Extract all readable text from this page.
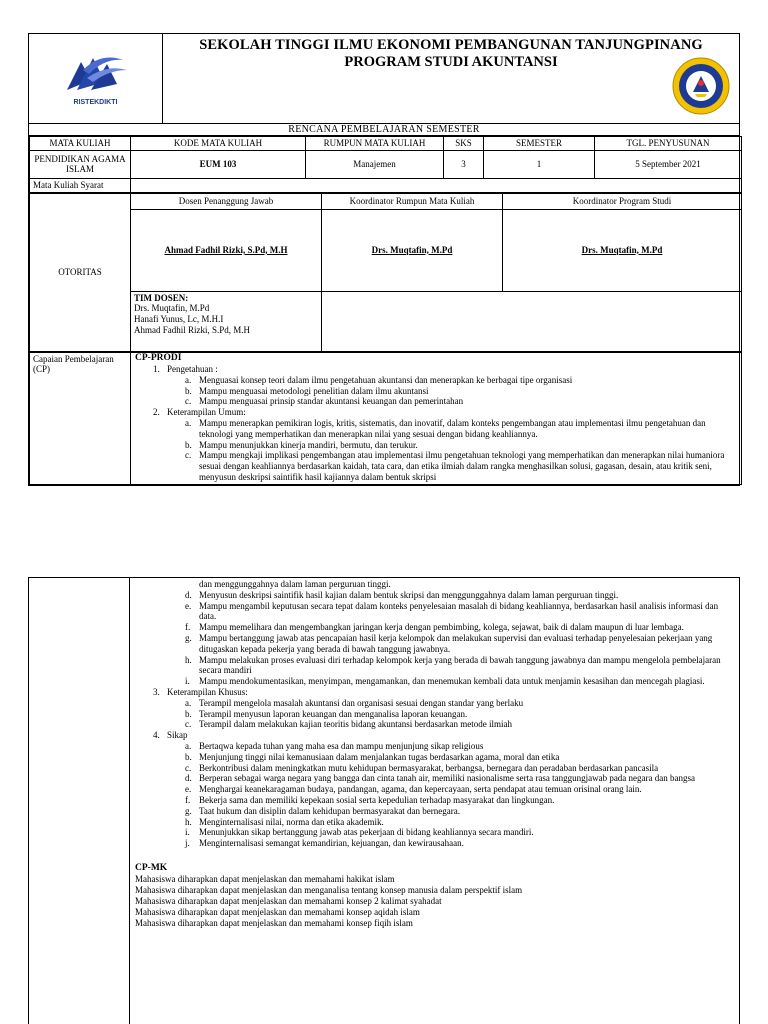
RISTEKDIKTI
SEKOLAH TINGGI ILMU EKONOMI PEMBANGUNAN TANJUNGPINANG
PROGRAM STUDI AKUNTANSI
RENCANA PEMBELAJARAN SEMESTER
MATA KULIAH	KODE MATA KULIAH	RUMPUN MATA KULIAH	SKS	SEMESTER	TGL. PENYUSUNAN
PENDIDIKAN AGAMA ISLAM	EUM 103	Manajemen	3	1	5 September 2021
Mata Kuliah Syarat					
OTORITAS	Dosen Penanggung Jawab	Koordinator Rumpun Mata Kuliah	Koordinator Program Studi
	Ahmad Fadhil Rizki, S.Pd, M.H	Drs. Muqtafin, M.Pd	Drs. Muqtafin, M.Pd

	TIM DOSEN:
Drs. Muqtafin, M.Pd
Hanafi Yunus, Lc, M.H.I
Ahmad Fadhil Rizki, S.Pd, M.H		

Capaian Pembelajaran (CP)	
CP-PRODI
1. Pengetahuan :
a. Menguasai konsep teori dalam ilmu pengetahuan akuntansi dan menerapkan ke berbagai tipe organisasi
b. Mampu menguasai metodologi penelitian dalam ilmu akuntansi
c. Mampu menguasai prinsip standar akuntansi keuangan dan pemerintahan
2. Keterampilan Umum:
a. Mampu menerapkan pemikiran logis, kritis, sistematis, dan inovatif, dalam konteks pengembangan atau implementasi ilmu pengetahuan dan teknologi yang memperhatikan dan menerapkan nilai yang sesuai dengan bidang keahliannya.
b. Mampu menunjukkan kinerja mandiri, bermutu, dan terukur.
c. Mampu mengkaji implikasi pengembangan atau implementasi ilmu pengetahuan teknologi yang memperhatikan dan menerapkan nilai humaniora sesuai dengan keahliannya berdasarkan kaidah, tata cara, dan etika ilmiah dalam rangka menghasilkan solusi, gagasan, desain, atau kritik seni, menyusun deskripsi saintifik hasil kajiannya dalam bentuk skripsi
dan menggunggahnya dalam laman perguruan tinggi.
d. Menyusun deskripsi saintifik hasil kajian dalam bentuk skripsi dan menggunggahnya dalam laman perguruan tinggi.
e. Mampu mengambil keputusan secara tepat dalam konteks penyelesaian masalah di bidang keahliannya, berdasarkan hasil analisis informasi dan data.
f. Mampu memelihara dan mengembangkan jaringan kerja dengan pembimbing, kolega, sejawat, baik di dalam maupun di luar lembaga.
g. Mampu bertanggung jawab atas pencapaian hasil kerja kelompok dan melakukan supervisi dan evaluasi terhadap penyelesaian pekerjaan yang ditugaskan kepada pekerja yang berada di bawah tanggung jawabnya.
h. Mampu melakukan proses evaluasi diri terhadap kelompok kerja yang berada di bawah tanggung jawabnya dan mampu mengelola pembelajaran secara mandiri
i. Mampu mendokumentasikan, menyimpan, mengamankan, dan menemukan kembali data untuk menjamin kesasihan dan mencegah plagiasi.
3. Keterampilan Khusus:
a. Terampil mengelola masalah akuntansi dan organisasi sesuai dengan standar yang berlaku
b. Terampil menyusun laporan keuangan dan menganalisa laporan keuangan.
c. Terampil dalam melakukan kajian teoritis bidang akuntansi berdasarkan metode ilmiah
4. Sikap
a. Bertaqwa kepada tuhan yang maha esa dan mampu menjunjung sikap religious
b. Menjunjung tinggi nilai kemanusiaan dalam menjalankan tugas berdasarkan agama, moral dan etika
c. Berkontribusi dalam meningkatkan mutu kehidupan bermasyarakat, berbangsa, bernegara dan peradaban berdasarkan pancasila
d. Berperan sebagai warga negara yang bangga dan cinta tanah air, memiliki nasionalisme serta rasa tanggungjawab pada negara dan bangsa
e. Menghargai keanekaragaman budaya, pandangan, agama, dan kepercayaan, serta pendapat atau temuan orisinal orang lain.
f. Bekerja sama dan memiliki kepekaan sosial serta kepedulian terhadap masyarakat dan lingkungan.
g. Taat hukum dan disiplin dalam kehidupan bermasyarakat dan bernegara.
h. Menginternalisasi nilai, norma dan etika akademik.
i. Menunjukkan sikap bertanggung jawab atas pekerjaan di bidang keahliannya secara mandiri.
j. Menginternalisasi semangat kemandirian, kejuangan, dan kewirausahaan.
CP-MK

Mahasiswa diharapkan dapat menjelaskan dan memahami hakikat islam

Mahasiswa diharapkan dapat menjelaskan dan menganalisa tentang konsep manusia dalam perspektif islam

Mahasiswa diharapkan dapat menjelaskan dan memahami konsep 2 kalimat syahadat

Mahasiswa diharapkan dapat menjelaskan dan memahami konsep aqidah islam

Mahasiswa diharapkan dapat menjelaskan dan memahami konsep fiqih islam
